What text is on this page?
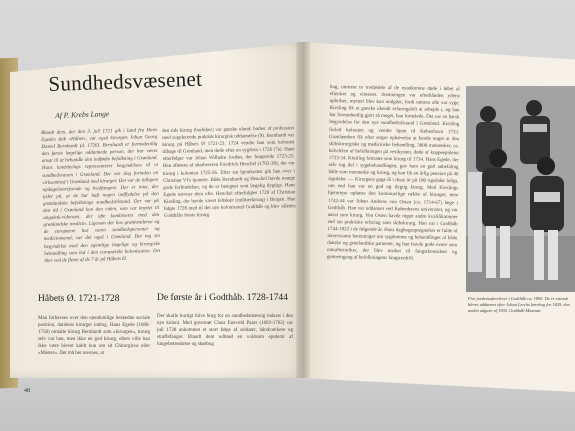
Sundhedsvæsenet
Af P. Krebs Lange
Blandt dem, der den 3. juli 1721 gik i land fra Hans Egedes skib »Håbet«, var også kirurgen Johan Georg Daniel Bernhardt (d. 1726). Bernhardt er formodentlig den første lægelige uddannede person, der har været ansat til at behandle den indfødte befolkning i Grønland. Hans landsbyings repræsenterer begyndelsen til et sundhedsvæsen i Grønland. Der var dog forinden en virksomhed i Grønland med kirurger. Det var de tidligere opdagelsesrejsende og hvalfangere. Der er intet, der tyder på, at de har haft nogen indflydelse på den grønlandske befolknings sundhedstilstand. Der var på den tid i Grønland kun den viden, som var knyttet til angakok-vidensen, der ofte kombineret med den grønlandske medicin. Ligesom der hos grønlænderne og de europæere har været sundhedspersoner og medicinmænd, var det også i Grønland. Det tog sin begyndelse med den egentlige lægelige og kirurgiske behandling som led i den europæiske kolonisation. Det blev ved de fleste af de 7 år på Håbets Ø.
den tids kirurg (barbiker) var ganske uland: barber af profession med supplerende praktisk kirurgisk uddannelse (9). Bernhardt var kirurg på Håbets Ø 1721-23. 1724 vendte han som kolonist tilbage til Grønland, men døde efter en sygdom i 1726 (7a). Hans efterfølger var Johan Wilhelm Jordan, der fungerede 1723-25. Han afløstes af sbarbereren Friedrich Henckel (1702-38), der var kirurg i kolonien 1725-26. Efter sin hjemkomst gik han over i Christian VI's tjeneste. Både Bernhardt og Henckel havde mange gode forbindelser, og de er betegnet som lægelig dygtige. Hans Egede nævner dem ofte. Henckel efterfulgtes 1728 af Christian Kiesling, der havde været feltskær (militærkirurg) i Bergen. Han fulgte 1728 med til det nye koloniested Godthåb og blev således Godthåbs første kirurg.
Håbets Ø. 1721-1728
Man forbavses over den ejendomlige beskedne sociale position, datidens kirurger indtog. Hans Egede (1686-1758) omtalte kirurg Bernhardt som »kirurgen«, kirurg selv var han, men ikke en god kirurg, ellers ville han ikke være blevet kaldt kun om sit Chirurgicus eller »Master«. Det må her nævnes, at
De første år i Godthåb. 1728-1744
Der skulle hurtigt blive brug for en sundhedsmæssig indsats i den nye koloni. Med guvernør Claus Enevold Paars (1683-1762) var juli 1728 ankommet et stort følge af soldater, håndværkere og straffefanger. Blandt dem udbrød en voldsom epidemi af lungebetændelse og skørbug
48
bug, omtrent to tredjedele af de nyankomne døde i løbet af efteråret og vinteren. Stemningen var efterhånden yderst ophidset, mytteri blev kun undgået, fordi næsten alle var syge. Kiesling fik et ganske ukendt erfaringsfelt at arbejde i, og han har formodentlig gjort så meget, han formåede. Det var en barsk begyndelse for den nye sundhedstilstand i Grønland. Kiesling forlod kolonien og vendte hjem til København 1733. Grønlændere fik efter ærgre ophævelse at kende noget at den skibskirurgiske og medicinske behandling. 3000 mennesker, ca. halvdelen af befolkningen på vestkysten, døde af koppeepidemi 1733-34. Kiesling fortsatte som kirurg til 1734. Hans Egede, der selv tog del i sygebehandlingen, gav ham en god anbefaling både som menneske og kirurg, og han fik en årlig pension på 40 rigsdaler. — Kirurgens gage lå i disse år på 100 rigsdaler årligt, om end han var en god og dygtig kirurg. Med Kieslings hjemrejse ophørte den kontinuerlige række af kirurger, men 1742-44 var Johan Andreas von Osten (ca. 1714-67) læge i Godthåb. Han var uddannet ved Københavns universitet, og var ansat som kirurg. Von Osten havde ingen andre kvalifikationer end sin praktiske erfaring som skibskirurg. Han var i Godthåb 1744-1822 i de følgende år. Hans dagbogsoptegnelser er fulde af interessante beretninger om sygdomme og behandlinger af både danske og grønlandske patienter, og han havde gode evner som naturhistoriker, der blev ønsket til fangstkonsulent og gennemgang af befolkningens fangsterdrift.
Fire jordemoderelever i Godthåb ca. 1890. De er vistnok blevet uddannet efter Johan Lerchs lærebog fra 1829, den anden udgave af 1905. Godthåb Museum.
